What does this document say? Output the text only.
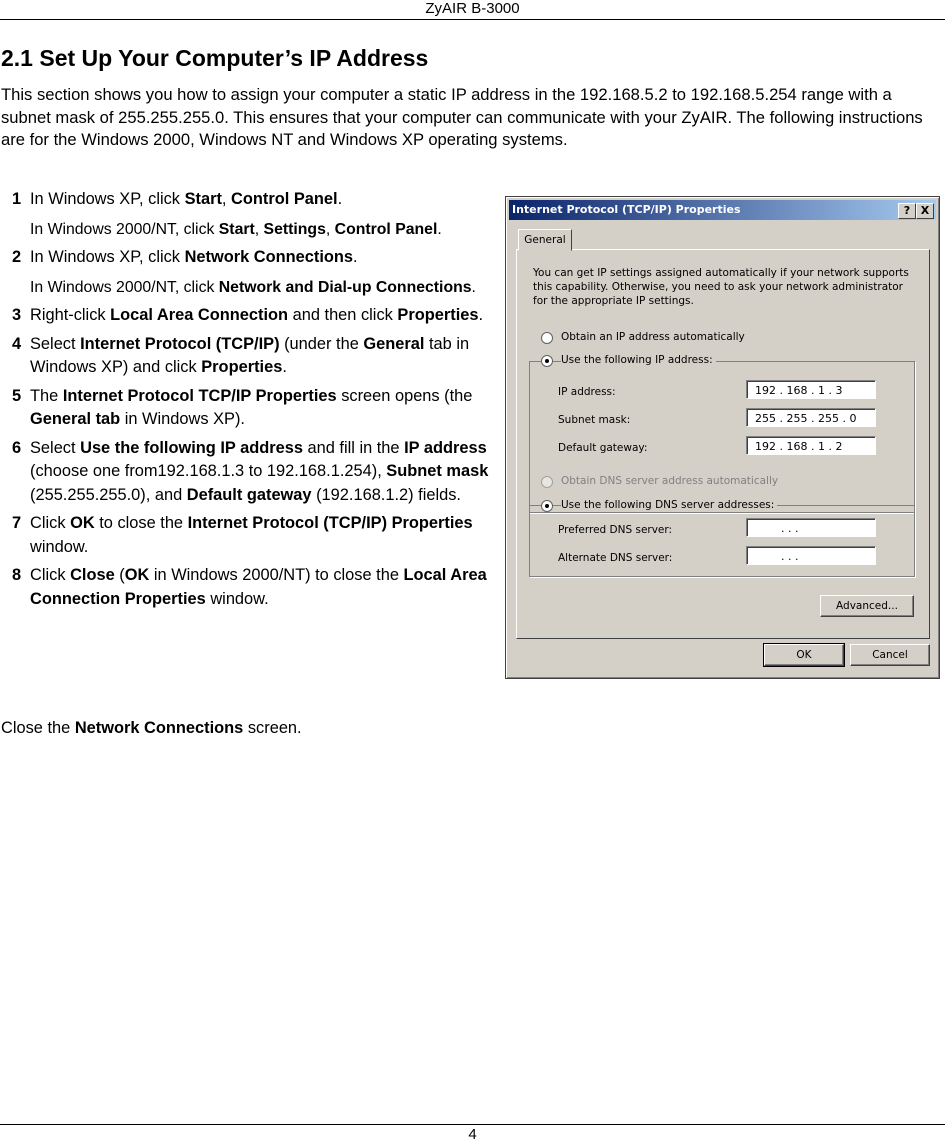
ZyAIR B-3000
2.1 Set Up Your Computer’s IP Address

This section shows you how to assign your computer a static IP address in the 192.168.5.2 to 192.168.5.254 range with a subnet mask of 255.255.255.0. This ensures that your computer can communicate with your ZyAIR. The following instructions are for the Windows 2000, Windows NT and Windows XP operating systems.

1 In Windows XP, click Start, Control Panel.

In Windows 2000/NT, click Start, Settings, Control Panel.

2 In Windows XP, click Network Connections.

In Windows 2000/NT, click Network and Dial-up Connections.

3 Right-click Local Area Connection and then click Properties.

4 Select Internet Protocol (TCP/IP) (under the General tab in Windows XP) and click Properties.

5 The Internet Protocol TCP/IP Properties screen opens (the General tab in Windows XP).

6 Select Use the following IP address and fill in the IP address (choose one from192.168.1.3 to 192.168.1.254), Subnet mask (255.255.255.0), and Default gateway (192.168.1.2) fields.

7 Click OK to close the Internet Protocol (TCP/IP) Properties window.

8 Click Close (OK in Windows 2000/NT) to close the Local Area Connection Properties window.

Close the Network Connections screen.

Internet Protocol (TCP/IP) Properties	? X
General

You can get IP settings assigned automatically if your network supports this capability. Otherwise, you need to ask your network administrator for the appropriate IP settings.

Obtain an IP address automatically
IP address:	192 . 168 . 1 . 3
Subnet mask:	255 . 255 . 255 . 0
Default gateway:	192 . 168 . 1 . 2
Use the following IP address:
Obtain DNS server address automatically
Preferred DNS server:	. . .
Alternate DNS server:	. . .
Use the following DNS server addresses:
Advanced...
OK	Cancel
4
